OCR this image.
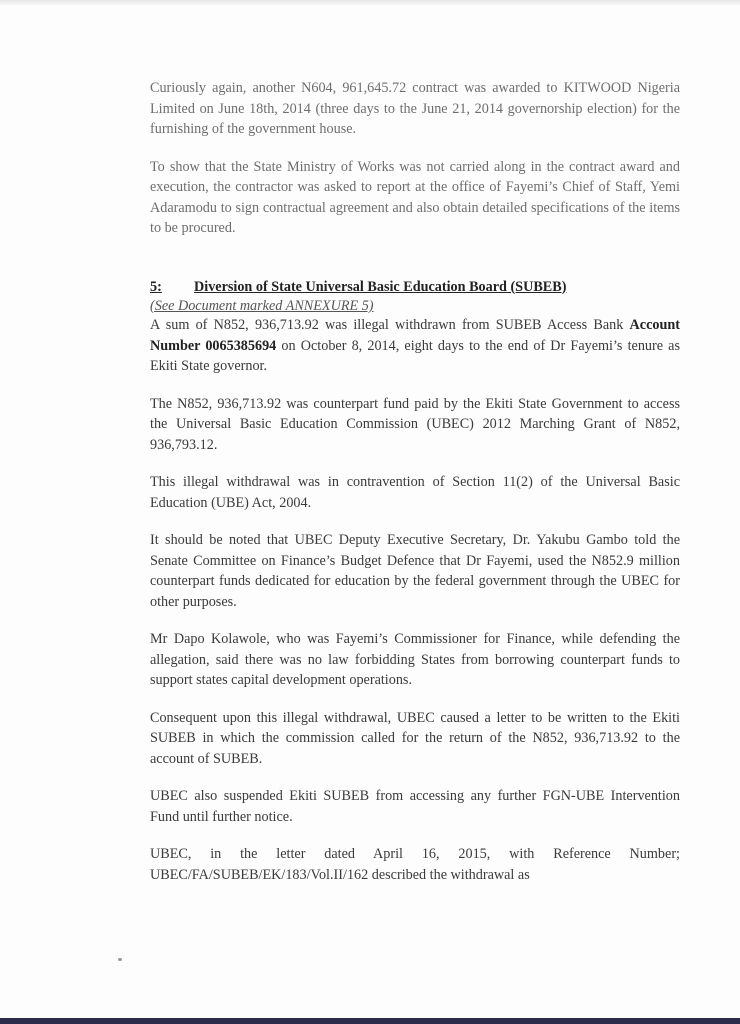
Curiously again, another N604, 961,645.72 contract was awarded to KITWOOD Nigeria Limited on June 18th, 2014 (three days to the June 21, 2014 governorship election) for the furnishing of the government house.

To show that the State Ministry of Works was not carried along in the contract award and execution, the contractor was asked to report at the office of Fayemi’s Chief of Staff, Yemi Adaramodu to sign contractual agreement and also obtain detailed specifications of the items to be procured.

5:	Diversion of State Universal Basic Education Board (SUBEB)

(See Document marked ANNEXURE 5)

A sum of N852, 936,713.92 was illegal withdrawn from SUBEB Access Bank Account Number 0065385694 on October 8, 2014, eight days to the end of Dr Fayemi’s tenure as Ekiti State governor.

The N852, 936,713.92 was counterpart fund paid by the Ekiti State Government to access the Universal Basic Education Commission (UBEC) 2012 Marching Grant of N852, 936,793.12.

This illegal withdrawal was in contravention of Section 11(2) of the Universal Basic Education (UBE) Act, 2004.

It should be noted that UBEC Deputy Executive Secretary, Dr. Yakubu Gambo told the Senate Committee on Finance’s Budget Defence that Dr Fayemi, used the N852.9 million counterpart funds dedicated for education by the federal government through the UBEC for other purposes.

Mr Dapo Kolawole, who was Fayemi’s Commissioner for Finance, while defending the allegation, said there was no law forbidding States from borrowing counterpart funds to support states capital development operations.

Consequent upon this illegal withdrawal, UBEC caused a letter to be written to the Ekiti SUBEB in which the commission called for the return of the N852, 936,713.92 to the account of SUBEB.

UBEC also suspended Ekiti SUBEB from accessing any further FGN-UBE Intervention Fund until further notice.

UBEC, in the letter dated April 16, 2015, with Reference Number; UBEC/FA/SUBEB/EK/183/Vol.II/162 described the withdrawal as
